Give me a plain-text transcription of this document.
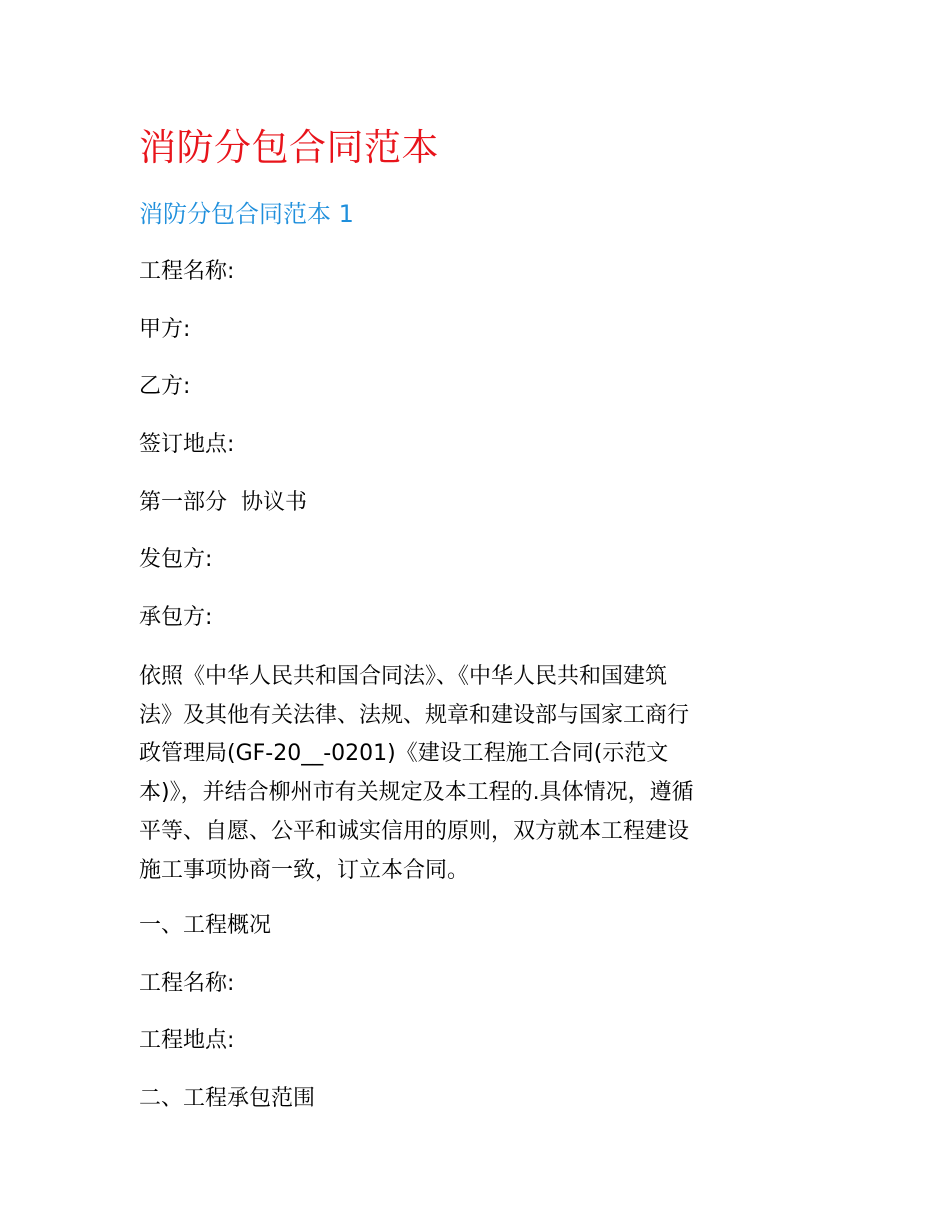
消防分包合同范本
消防分包合同范本 1

工程名称:

甲方:

乙方:

签订地点:

第一部分  协议书

发包方:

承包方:

依照《中华人民共和国合同法》、《中华人民共和国建筑
法》及其他有关法律、法规、规章和建设部与国家工商行
政管理局(GF-20__-0201)《建设工程施工合同(示范文
本)》，并结合柳州市有关规定及本工程的.具体情况，遵循
平等、自愿、公平和诚实信用的原则，双方就本工程建设
施工事项协商一致，订立本合同。

一、工程概况

工程名称:

工程地点:

二、工程承包范围
